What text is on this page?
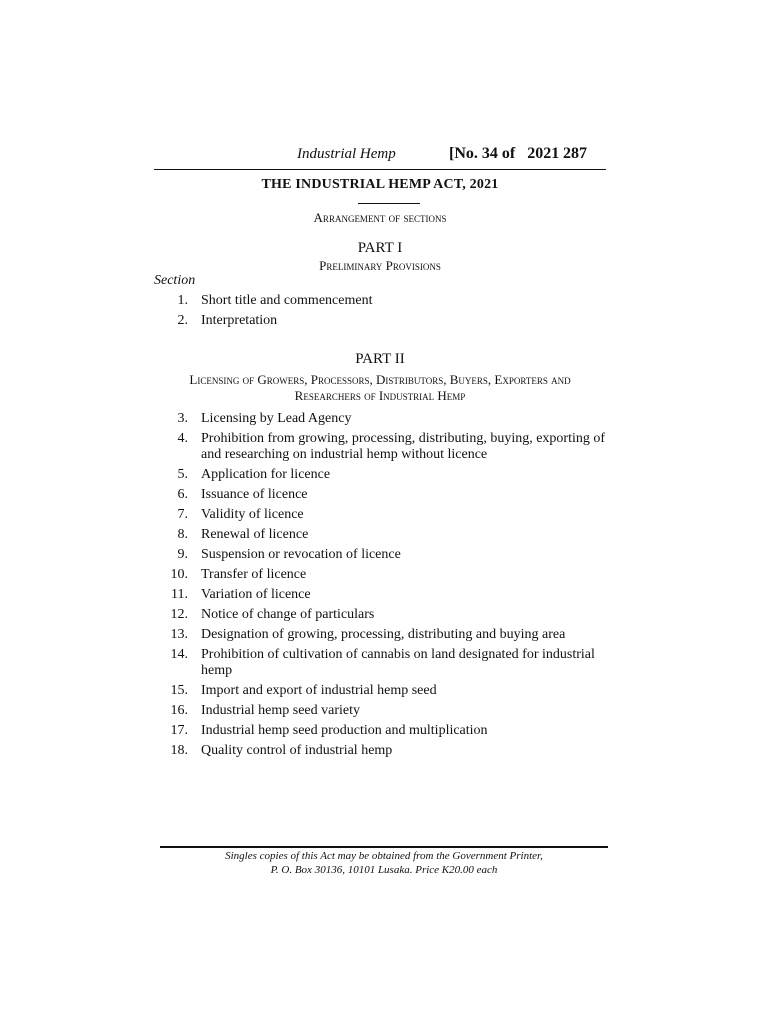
Industrial Hemp	[No. 34 of   2021 287
THE INDUSTRIAL HEMP ACT, 2021
Arrangement of sections
PART I
Preliminary Provisions
Section
1. Short title and commencement
2. Interpretation
PART II
Licensing of Growers, Processors, Distributors, Buyers, Exporters and
Researchers of Industrial Hemp
3. Licensing by Lead Agency
4. Prohibition from growing, processing, distributing, buying, exporting of and researching on industrial hemp without licence
5. Application for licence
6. Issuance of licence
7. Validity of licence
8. Renewal of licence
9. Suspension or revocation of licence
10. Transfer of licence
11. Variation of licence
12. Notice of change of particulars
13. Designation of growing, processing, distributing and buying area
14. Prohibition of cultivation of cannabis on land designated for industrial hemp
15. Import and export of industrial hemp seed
16. Industrial hemp seed variety
17. Industrial hemp seed production and multiplication
18. Quality control of industrial hemp
Singles copies of this Act may be obtained from the Government Printer,
P. O. Box 30136, 10101 Lusaka. Price K20.00 each
